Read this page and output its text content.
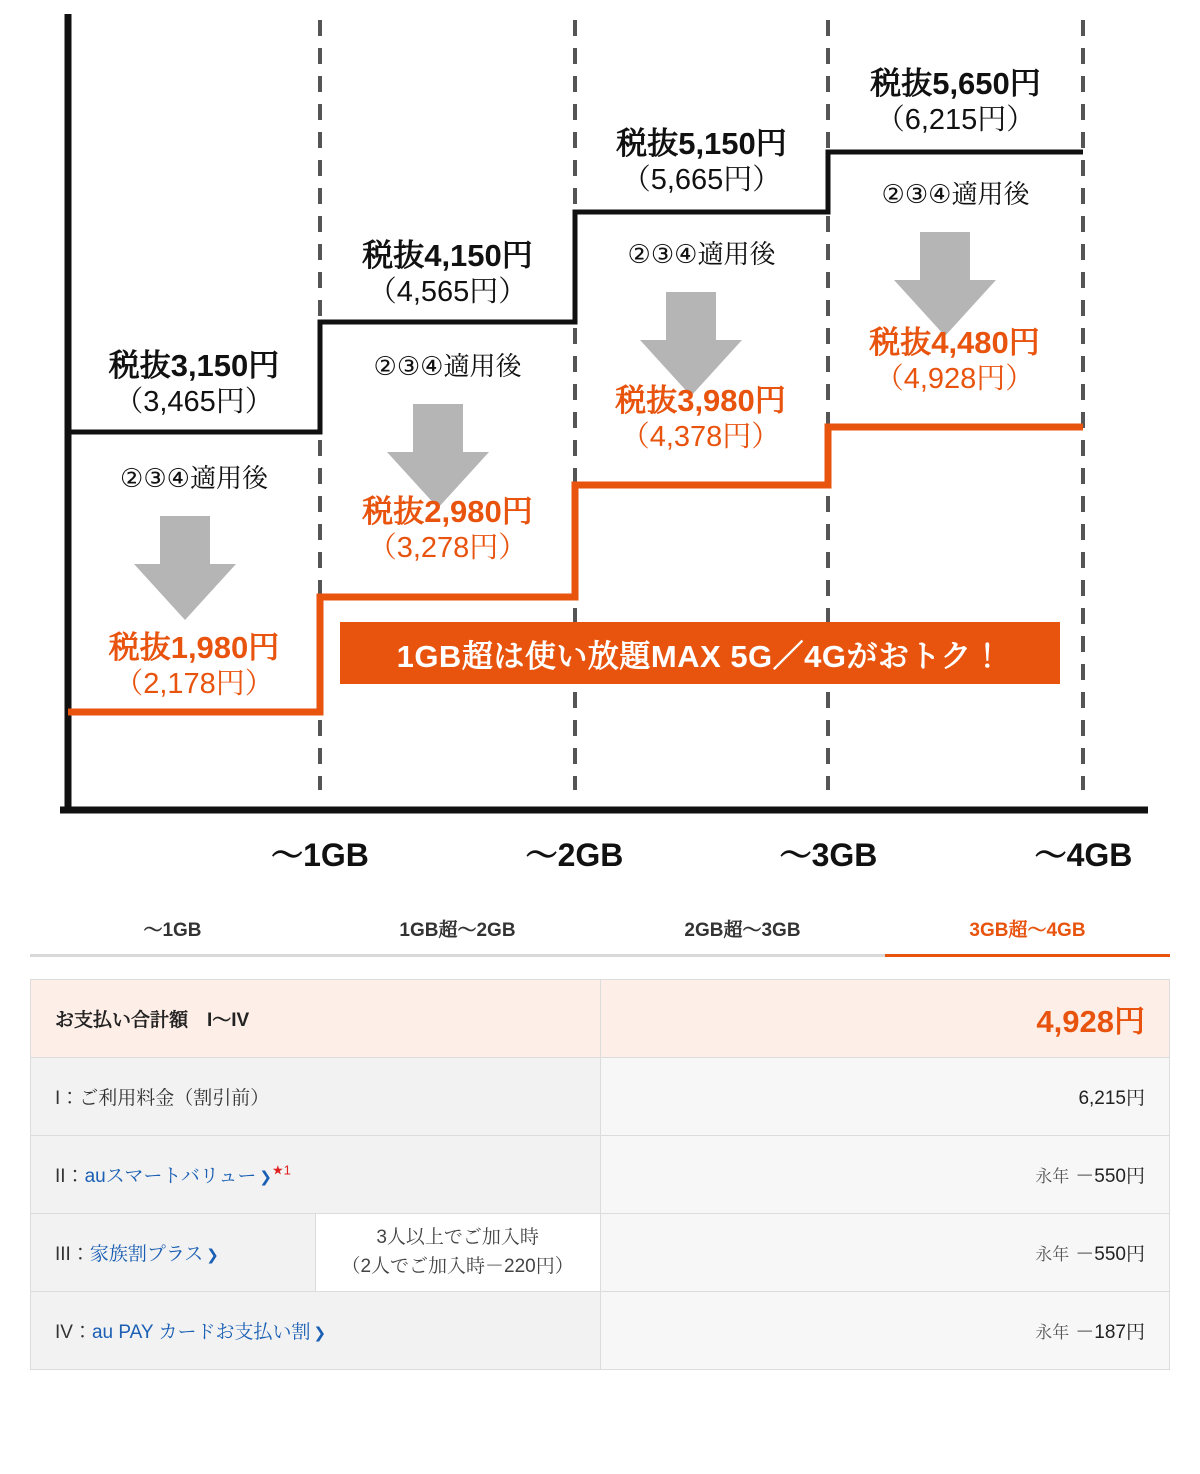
税抜3,150円
（3,465円）
②③④適用後
税抜1,980円
（2,178円）
税抜4,150円
（4,565円）
②③④適用後
税抜2,980円
（3,278円）
税抜5,150円
（5,665円）
②③④適用後
税抜3,980円
（4,378円）
税抜5,650円
（6,215円）
②③④適用後
税抜4,480円
（4,928円）
1GB超は使い放題MAX 5G／4Gがおトク！
～1GB	～2GB	～3GB	～4GB
～1GB	1GB超～2GB	2GB超～3GB	3GB超～4GB
お支払い合計額　I～IV		4,928円
I：ご利用料金（割引前）		6,215円
II：auスマートバリュー ❯$^{★1}$		永年 －550円
III：家族割プラス ❯	3人以上でご加入時
（2人でご加入時－220円）	永年 －550円
IV：au PAY カードお支払い割 ❯		永年 －187円
